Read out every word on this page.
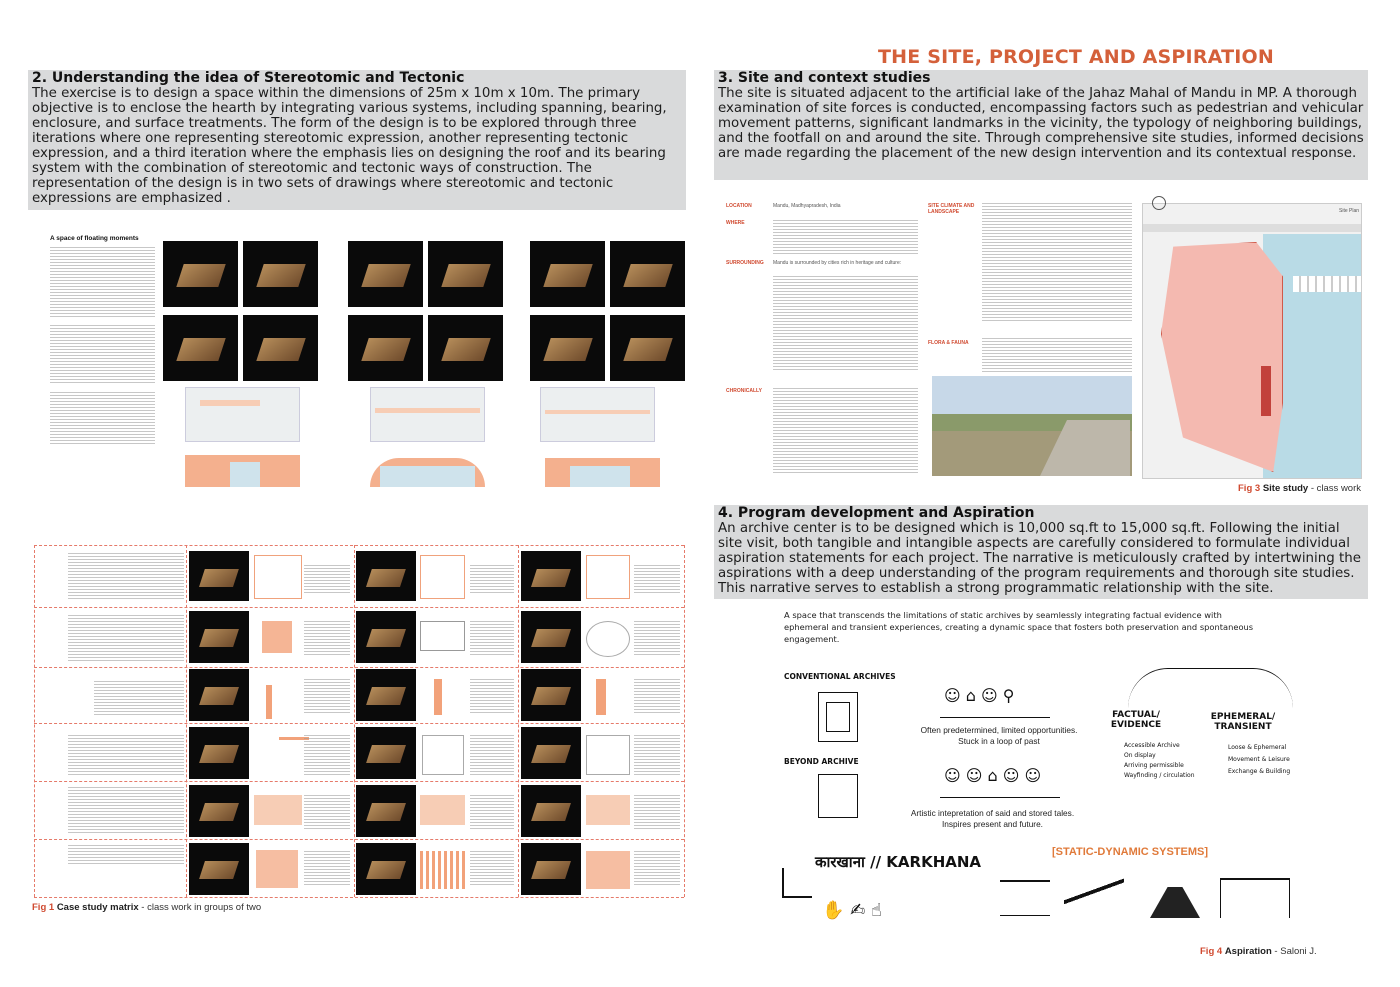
THE SITE, PROJECT AND ASPIRATION
2. Understanding the idea of Stereotomic and Tectonic
The exercise is to design a space within the dimensions of 25m x 10m x 10m. The primary objective is to enclose the hearth by integrating various systems, including spanning, bearing, enclosure, and surface treatments. The form of the design is to be explored through three iterations where one representing stereotomic expression, another representing tectonic expression, and a third iteration where the emphasis lies on designing the roof and its bearing system with the combination of stereotomic and tectonic ways of construction. The representation of the design is in two sets of drawings where stereotomic and tectonic expressions are emphasized .
A space of floating moments
Fig 1 Case study matrix - class work in groups of two
3. Site and context studies
The site is situated adjacent to the artificial lake of the Jahaz Mahal of Mandu in MP. A thorough examination of site forces is conducted, encompassing factors such as pedestrian and vehicular movement patterns, significant landmarks in the vicinity, the typology of neighboring buildings, and the footfall on and around the site. Through comprehensive site studies, informed decisions are made regarding the placement of the new design intervention and its contextual response.
LOCATION	Mandu, Madhyapradesh, India
WHERE
SURROUNDING Mandu is surrounded by cities rich in heritage and culture:
CHRONICALLY
SITE CLIMATE AND LANDSCAPE
FLORA & FAUNA
Site Plan
Fig 3 Site study - class work
4. Program development and Aspiration
An archive center is to be designed which is 10,000 sq.ft to 15,000 sq.ft. Following the initial site visit, both tangible and intangible aspects are carefully considered to formulate individual aspiration statements for each project. The narrative is meticulously crafted by intertwining the aspirations with a deep understanding of the program requirements and thorough site studies. This narrative serves to establish a strong programmatic relationship with the site.
A space that transcends the limitations of static archives by seamlessly integrating factual evidence with ephemeral and transient experiences, creating a dynamic space that fosters both preservation and spontaneous engagement.
CONVENTIONAL ARCHIVES
Often predetermined, limited opportunities. Stuck in a loop of past
BEYOND ARCHIVE
Artistic intepretation of said and stored tales. Inspires present and future.
☺ ⌂ ☺ ⚲
☺ ☺ ⌂ ☺ ☺
FACTUAL/ EVIDENCE
EPHEMERAL/ TRANSIENT
Accessible Archive
On display
Arriving permissible
Wayfinding / circulation
Loose & Ephemeral
Movement & Leisure
Exchange & Building
कारखाना // KARKHANA
✋ ✍ ☝
[STATIC-DYNAMIC SYSTEMS]
Fig 4 Aspiration - Saloni J.
